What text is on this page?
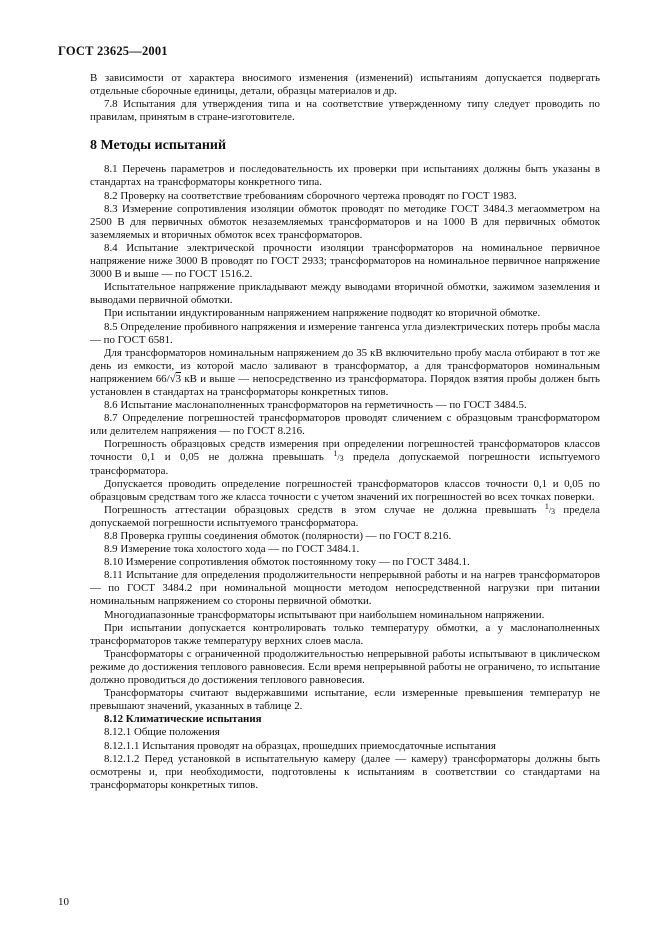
ГОСТ 23625—2001

В зависимости от характера вносимого изменения (изменений) испытаниям допускается подвергать отдельные сборочные единицы, детали, образцы материалов и др.

7.8 Испытания для утверждения типа и на соответствие утвержденному типу следует проводить по правилам, принятым в стране-изготовителе.

8 Методы испытаний

8.1 Перечень параметров и последовательность их проверки при испытаниях должны быть указаны в стандартах на трансформаторы конкретного типа.

8.2 Проверку на соответствие требованиям сборочного чертежа проводят по ГОСТ 1983.

8.3 Измерение сопротивления изоляции обмоток проводят по методике ГОСТ 3484.3 мегаомметром на 2500 В для первичных обмоток незаземляемых трансформаторов и на 1000 В для первичных обмоток заземляемых и вторичных обмоток всех трансформаторов.

8.4 Испытание электрической прочности изоляции трансформаторов на номинальное первичное напряжение ниже 3000 В проводят по ГОСТ 2933; трансформаторов на номинальное первичное напряжение 3000 В и выше — по ГОСТ 1516.2.

Испытательное напряжение прикладывают между выводами вторичной обмотки, зажимом заземления и выводами первичной обмотки.

При испытании индуктированным напряжением напряжение подводят ко вторичной обмотке.

8.5 Определение пробивного напряжения и измерение тангенса угла диэлектрических потерь пробы масла — по ГОСТ 6581.

Для трансформаторов номинальным напряжением до 35 кВ включительно пробу масла отбирают в тот же день из емкости, из которой масло заливают в трансформатор, а для трансформаторов номинальным напряжением 66/√3 кВ и выше — непосредственно из трансформатора. Порядок взятия пробы должен быть установлен в стандартах на трансформаторы конкретных типов.

8.6 Испытание маслонаполненных трансформаторов на герметичность — по ГОСТ 3484.5.

8.7 Определение погрешностей трансформаторов проводят сличением с образцовым трансформатором или делителем напряжения — по ГОСТ 8.216.

Погрешность образцовых средств измерения при определении погрешностей трансформаторов классов точности 0,1 и 0,05 не должна превышать 1/3 предела допускаемой погрешности испытуемого трансформатора.

Допускается проводить определение погрешностей трансформаторов классов точности 0,1 и 0,05 по образцовым средствам того же класса точности с учетом значений их погрешностей во всех точках поверки.

Погрешность аттестации образцовых средств в этом случае не должна превышать 1/3 предела допускаемой погрешности испытуемого трансформатора.

8.8 Проверка группы соединения обмоток (полярности) — по ГОСТ 8.216.

8.9 Измерение тока холостого хода — по ГОСТ 3484.1.

8.10 Измерение сопротивления обмоток постоянному току — по ГОСТ 3484.1.

8.11 Испытание для определения продолжительности непрерывной работы и на нагрев трансформаторов — по ГОСТ 3484.2 при номинальной мощности методом непосредственной нагрузки при питании номинальным напряжением со стороны первичной обмотки.

Многодиапазонные трансформаторы испытывают при наибольшем номинальном напряжении.

При испытании допускается контролировать только температуру обмотки, а у маслонаполненных трансформаторов также температуру верхних слоев масла.

Трансформаторы с ограниченной продолжительностью непрерывной работы испытывают в циклическом режиме до достижения теплового равновесия. Если время непрерывной работы не ограничено, то испытание должно проводиться до достижения теплового равновесия.

Трансформаторы считают выдержавшими испытание, если измеренные превышения температур не превышают значений, указанных в таблице 2.

8.12 Климатические испытания

8.12.1 Общие положения

8.12.1.1 Испытания проводят на образцах, прошедших приемосдаточные испытания

8.12.1.2 Перед установкой в испытательную камеру (далее — камеру) трансформаторы должны быть осмотрены и, при необходимости, подготовлены к испытаниям в соответствии со стандартами на трансформаторы конкретных типов.

10
